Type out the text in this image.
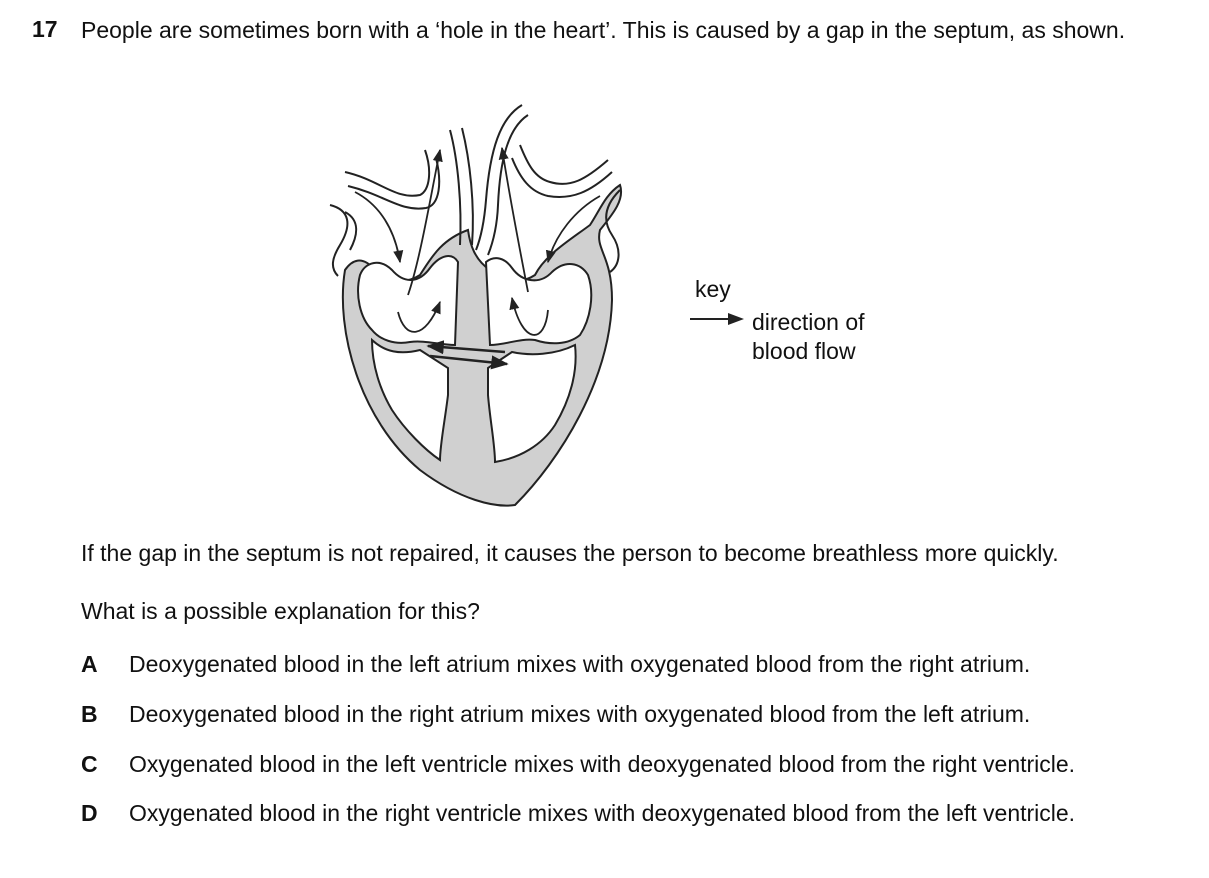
17 People are sometimes born with a ‘hole in the heart’. This is caused by a gap in the septum, as shown.
key
direction of
blood flow
If the gap in the septum is not repaired, it causes the person to become breathless more quickly.
What is a possible explanation for this?
A Deoxygenated blood in the left atrium mixes with oxygenated blood from the right atrium.
B Deoxygenated blood in the right atrium mixes with oxygenated blood from the left atrium.
C Oxygenated blood in the left ventricle mixes with deoxygenated blood from the right ventricle.
D Oxygenated blood in the right ventricle mixes with deoxygenated blood from the left ventricle.
